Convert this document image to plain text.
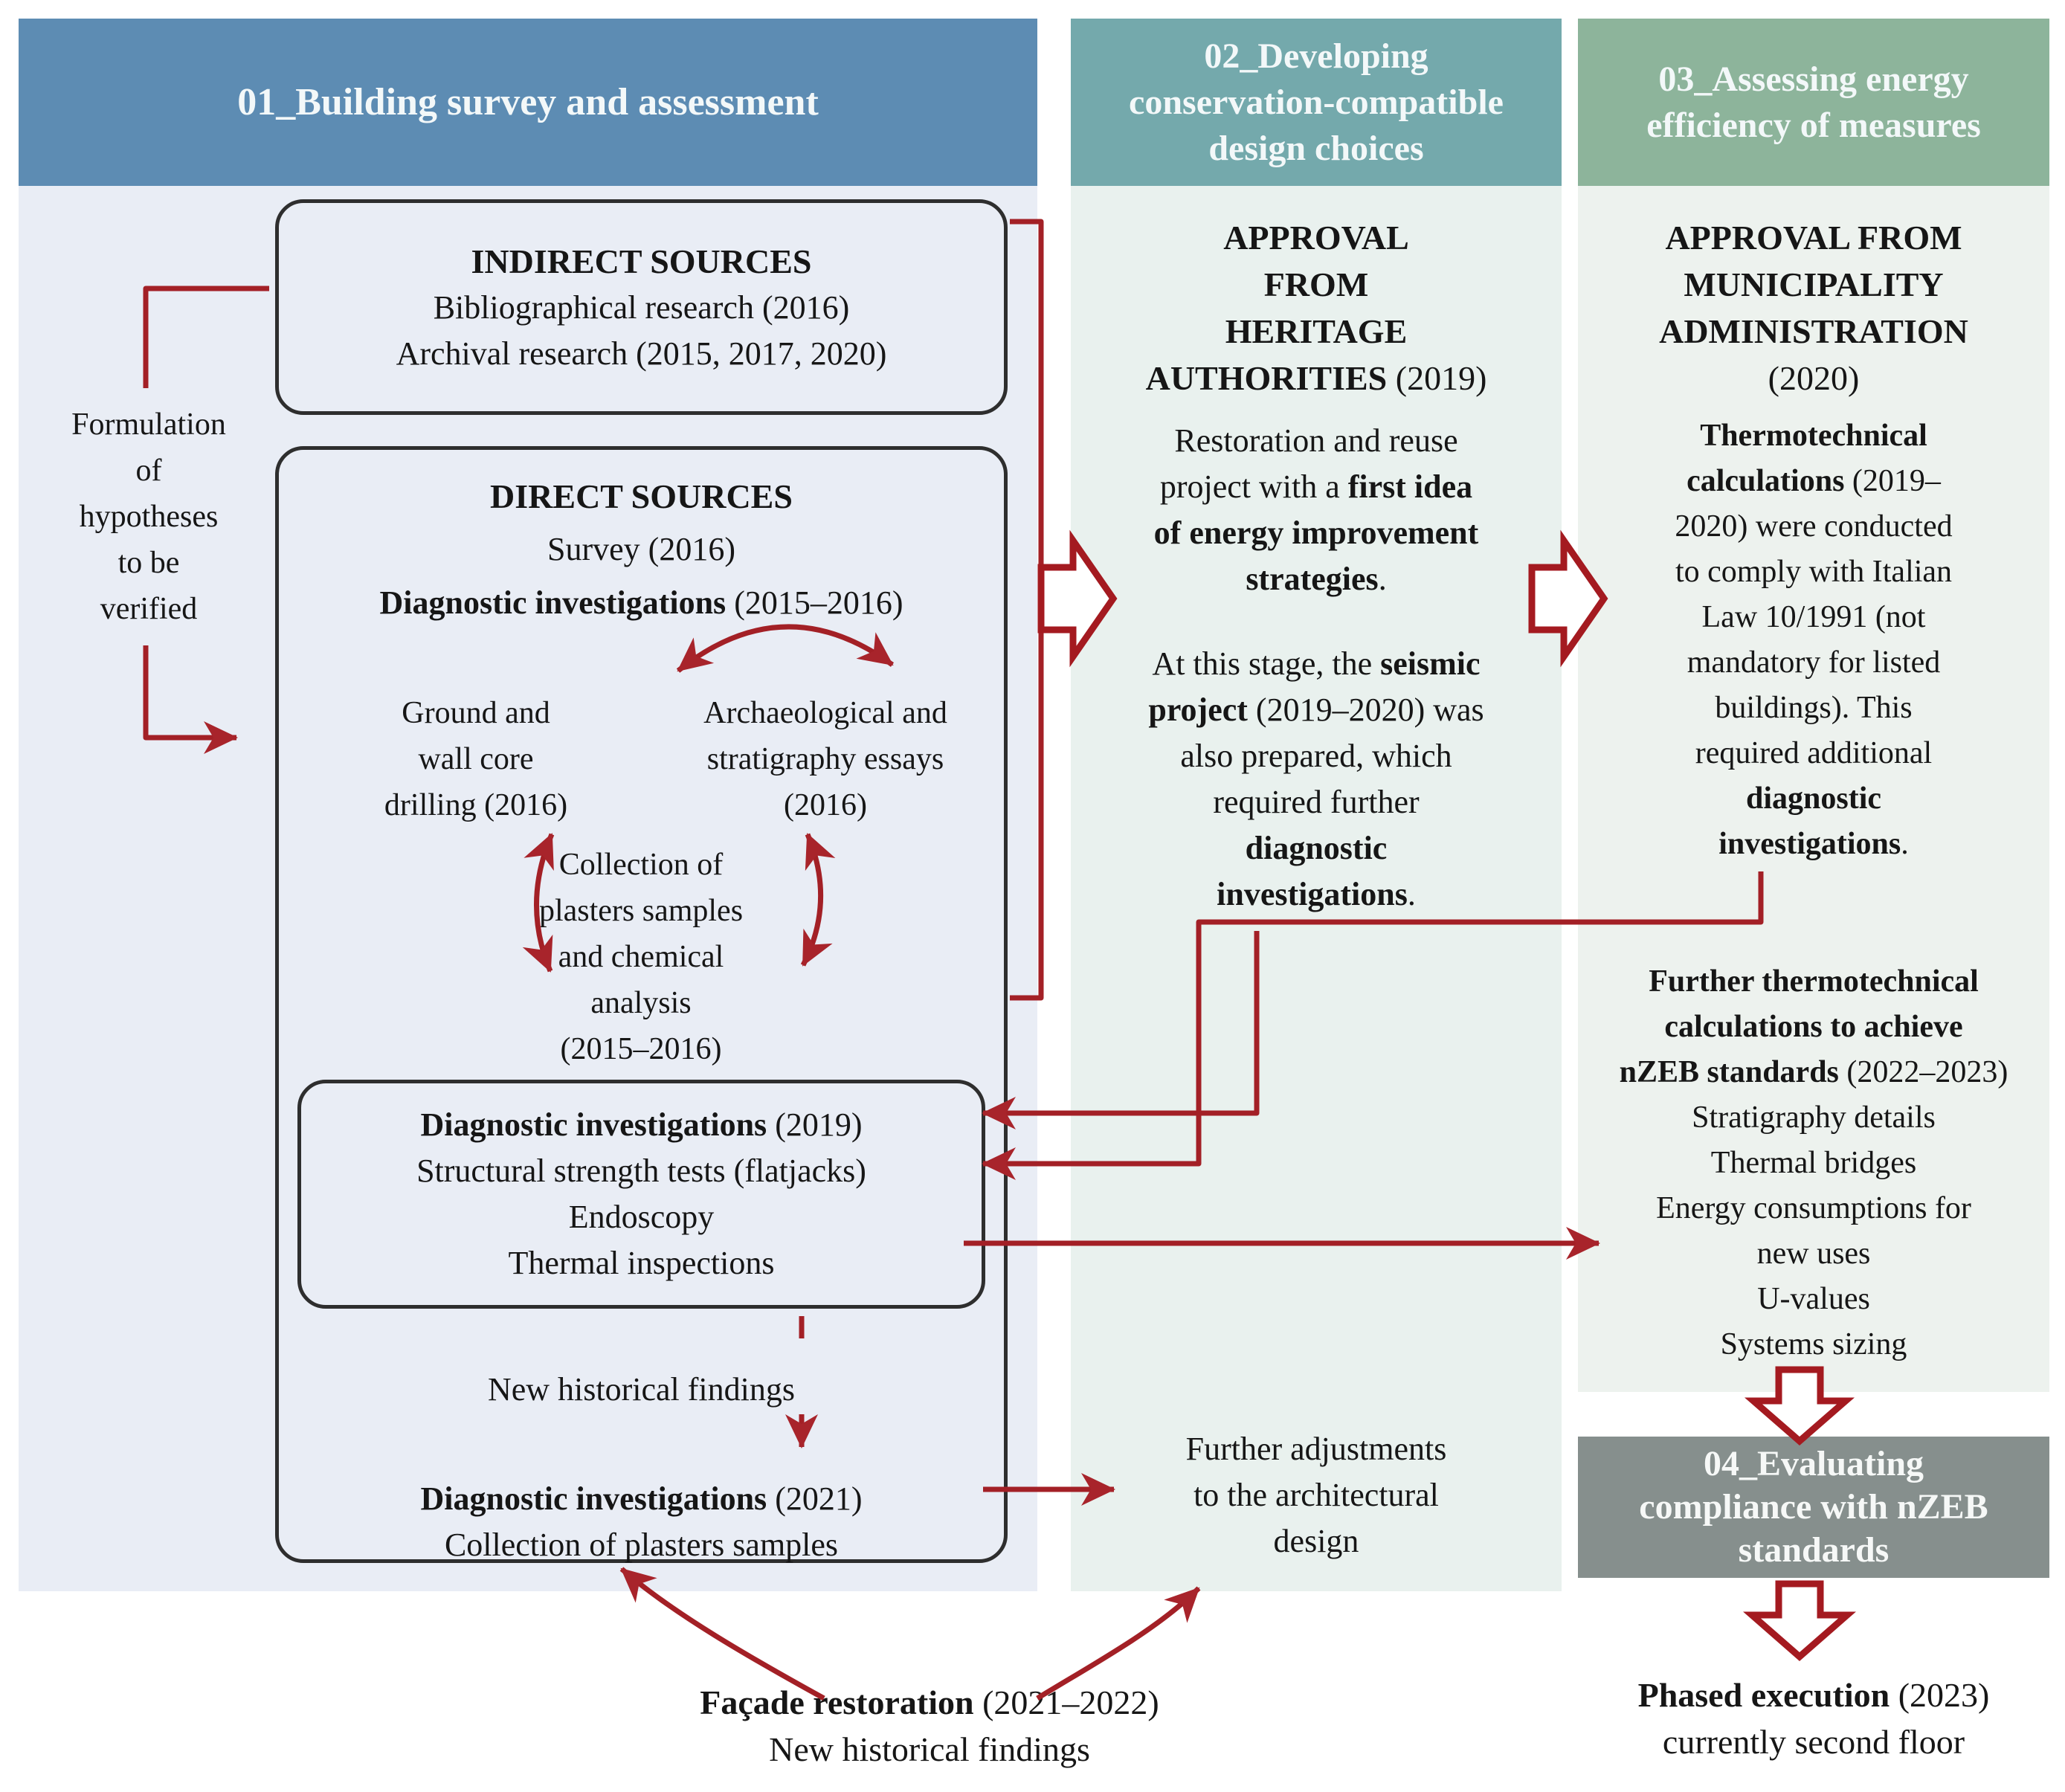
01_Building survey and assessment
02_Developing
conservation-compatible
design choices
03_Assessing energy
efficiency of measures
Formulation
of
hypotheses
to be
verified
INDIRECT SOURCES
Bibliographical research (2016)
Archival research (2015, 2017, 2020)
DIRECT SOURCES
Survey (2016)
Diagnostic investigations (2015–2016)
Ground and
wall core
drilling (2016)
Archaeological and
stratigraphy essays
(2016)
Collection of
plasters samples
and chemical
analysis
(2015–2016)
Diagnostic investigations (2019)
Structural strength tests (flatjacks)
Endoscopy
Thermal inspections
New historical findings
Diagnostic investigations (2021)
Collection of plasters samples
APPROVAL
FROM
HERITAGE
AUTHORITIES (2019)
Restoration and reuse
project with a first idea
of energy improvement
strategies.
At this stage, the seismic
project (2019–2020) was
also prepared, which
required further
diagnostic
investigations.
Further adjustments
to the architectural
design
APPROVAL FROM
MUNICIPALITY
ADMINISTRATION
(2020)
Thermotechnical
calculations (2019–
2020) were conducted
to comply with Italian
Law 10/1991 (not
mandatory for listed
buildings). This
required additional
diagnostic
investigations.
Further thermotechnical
calculations to achieve
nZEB standards (2022–2023)
Stratigraphy details
Thermal bridges
Energy consumptions for
new uses
U-values
Systems sizing
04_Evaluating
compliance with nZEB
standards
Phased execution (2023)
currently second floor
Façade restoration (2021–2022)
New historical findings
